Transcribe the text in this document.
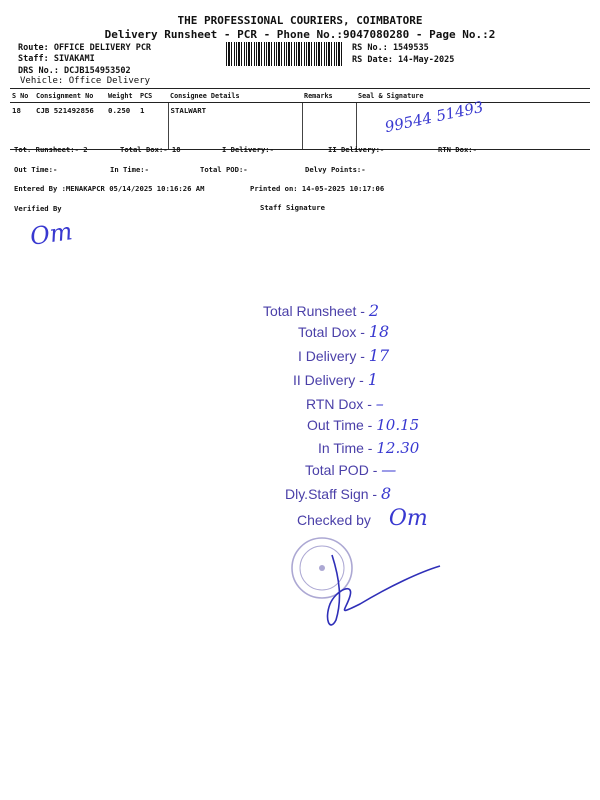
THE PROFESSIONAL COURIERS, COIMBATORE
Delivery Runsheet - PCR - Phone No.:9047080280 - Page No.:2
Route: OFFICE DELIVERY PCR
Staff: SIVAKAMI
DRS No.: DCJB154953502
Vehicle: Office Delivery
RS No.: 1549535
RS Date: 14-May-2025
S No	Consignment No	Weight	PCS	Consignee Details	Remarks	Seal & Signature
18	CJB 521492856	0.250	1	STALWART			99544 51493
Tot. Runsheet:- 2	Total Dox:- 18	I Delivery:-	II Delivery:-	RTN Dox:-
Out Time:-	In Time:-	Total POD:-	Delvy Points:-
Entered By :MENAKAPCR 05/14/2025 10:16:26 AM	Printed on: 14-05-2025 10:17:06
Verified By	Staff Signature
Om
Total Runsheet - 2
Total Dox - 18
I Delivery - 17
II Delivery - 1
RTN Dox - –
Out Time - 10.15
In Time - 12.30
Total POD - —
Dly.Staff Sign - 8
Checked by Om
